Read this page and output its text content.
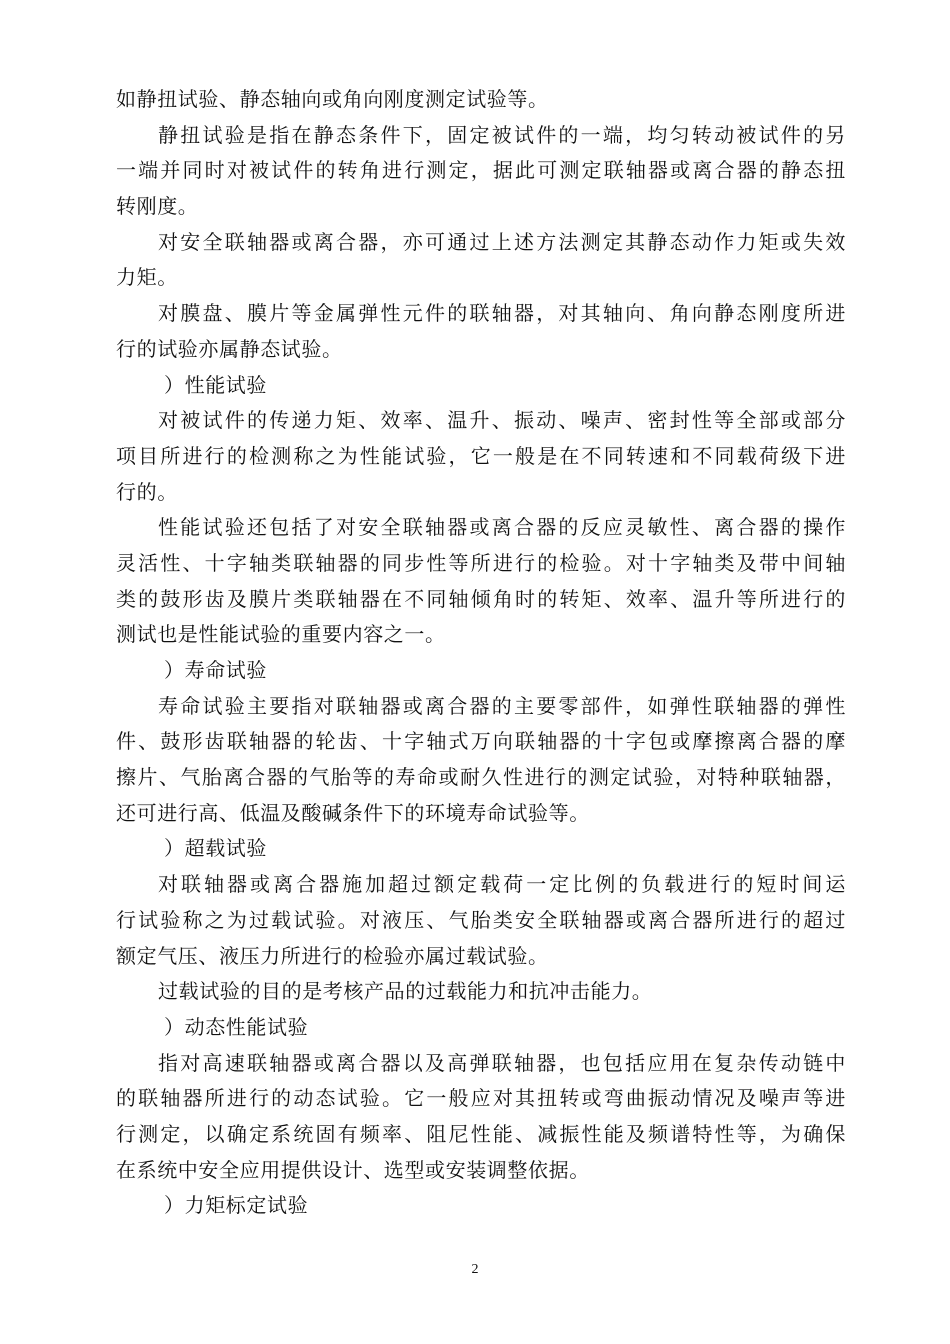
如静扭试验、静态轴向或角向刚度测定试验等。
静扭试验是指在静态条件下，固定被试件的一端，均匀转动被试件的另
一端并同时对被试件的转角进行测定，据此可测定联轴器或离合器的静态扭
转刚度。
对安全联轴器或离合器，亦可通过上述方法测定其静态动作力矩或失效
力矩。
对膜盘、膜片等金属弹性元件的联轴器，对其轴向、角向静态刚度所进
行的试验亦属静态试验。
）性能试验
对被试件的传递力矩、效率、温升、振动、噪声、密封性等全部或部分
项目所进行的检测称之为性能试验，它一般是在不同转速和不同载荷级下进
行的。
性能试验还包括了对安全联轴器或离合器的反应灵敏性、离合器的操作
灵活性、十字轴类联轴器的同步性等所进行的检验。对十字轴类及带中间轴
类的鼓形齿及膜片类联轴器在不同轴倾角时的转矩、效率、温升等所进行的
测试也是性能试验的重要内容之一。
）寿命试验
寿命试验主要指对联轴器或离合器的主要零部件，如弹性联轴器的弹性
件、鼓形齿联轴器的轮齿、十字轴式万向联轴器的十字包或摩擦离合器的摩
擦片、气胎离合器的气胎等的寿命或耐久性进行的测定试验，对特种联轴器，
还可进行高、低温及酸碱条件下的环境寿命试验等。
）超载试验
对联轴器或离合器施加超过额定载荷一定比例的负载进行的短时间运
行试验称之为过载试验。对液压、气胎类安全联轴器或离合器所进行的超过
额定气压、液压力所进行的检验亦属过载试验。
过载试验的目的是考核产品的过载能力和抗冲击能力。
）动态性能试验
指对高速联轴器或离合器以及高弹联轴器，也包括应用在复杂传动链中
的联轴器所进行的动态试验。它一般应对其扭转或弯曲振动情况及噪声等进
行测定，以确定系统固有频率、阻尼性能、减振性能及频谱特性等，为确保
在系统中安全应用提供设计、选型或安装调整依据。
）力矩标定试验
2
